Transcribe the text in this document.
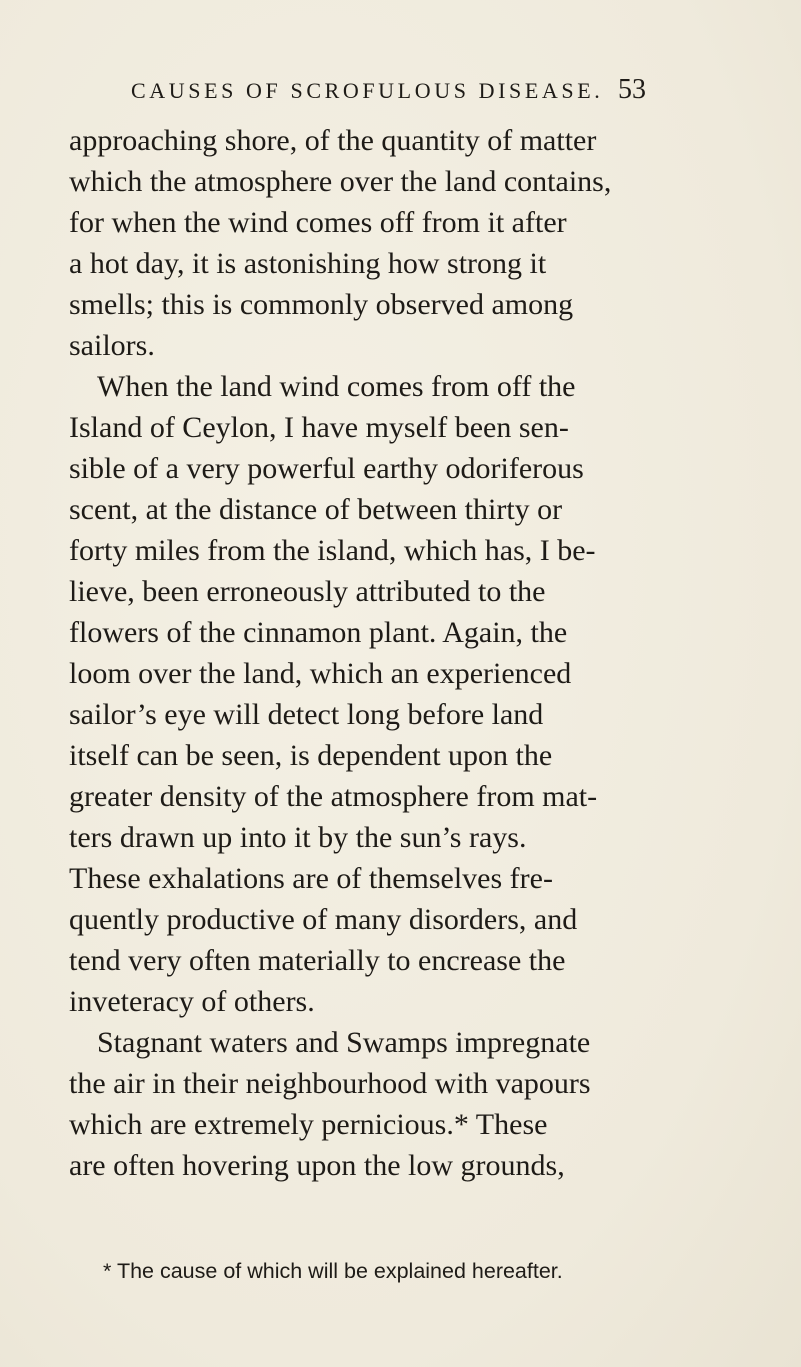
CAUSES OF SCROFULOUS DISEASE. 53
approaching shore, of the quantity of matter
which the atmosphere over the land contains,
for when the wind comes off from it after
a hot day, it is astonishing how strong it
smells; this is commonly observed among
sailors.
When the land wind comes from off the
Island of Ceylon, I have myself been sen-
sible of a very powerful earthy odoriferous
scent, at the distance of between thirty or
forty miles from the island, which has, I be-
lieve, been erroneously attributed to the
flowers of the cinnamon plant. Again, the
loom over the land, which an experienced
sailor’s eye will detect long before land
itself can be seen, is dependent upon the
greater density of the atmosphere from mat-
ters drawn up into it by the sun’s rays.
These exhalations are of themselves fre-
quently productive of many disorders, and
tend very often materially to encrease the
inveteracy of others.
Stagnant waters and Swamps impregnate
the air in their neighbourhood with vapours
which are extremely pernicious.* These
are often hovering upon the low grounds,
* The cause of which will be explained hereafter.
